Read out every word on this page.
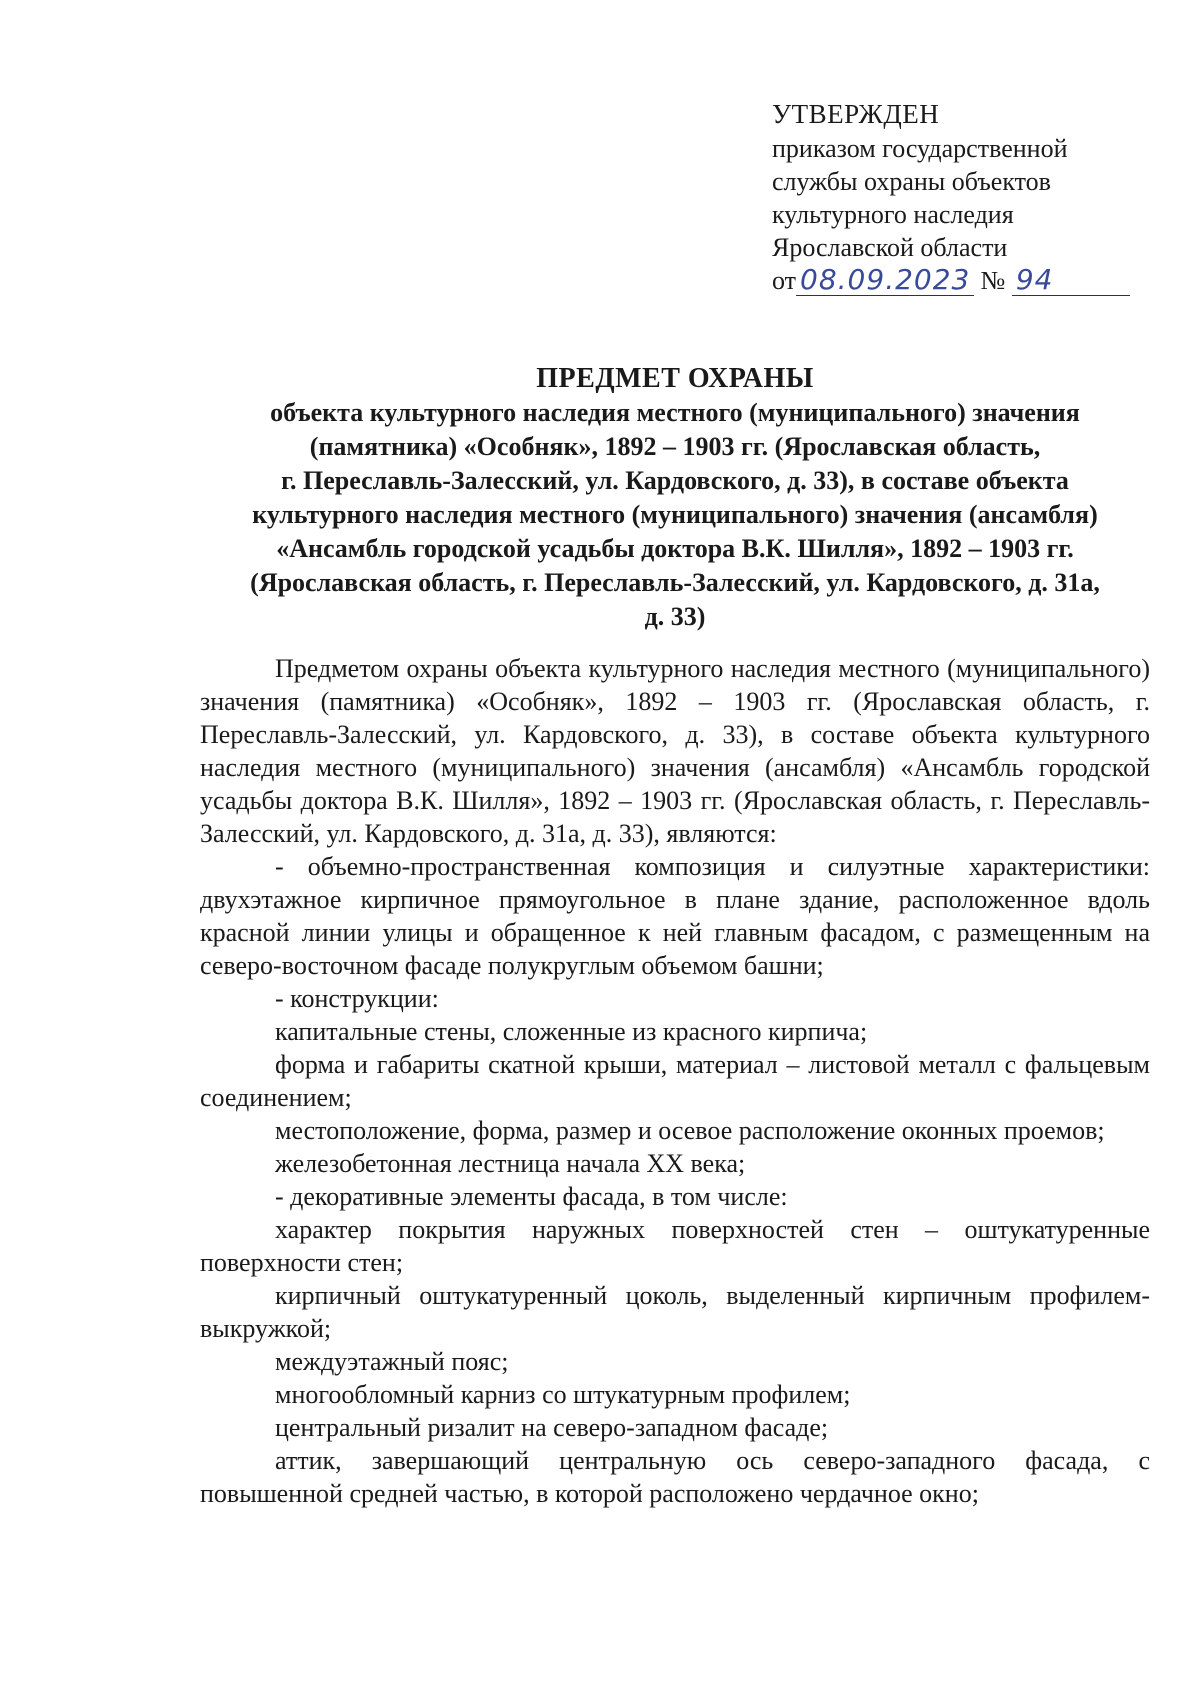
УТВЕРЖДЕН
приказом государственной
службы охраны объектов
культурного наследия
Ярославской области
от 08.09.2023 № 94
ПРЕДМЕТ ОХРАНЫ
объекта культурного наследия местного (муниципального) значения
(памятника) «Особняк», 1892 – 1903 гг. (Ярославская область,
г. Переславль-Залесский, ул. Кардовского, д. 33), в составе объекта
культурного наследия местного (муниципального) значения (ансамбля)
«Ансамбль городской усадьбы доктора В.К. Шилля», 1892 – 1903 гг.
(Ярославская область, г. Переславль-Залесский, ул. Кардовского, д. 31а,
д. 33)

Предметом охраны объекта культурного наследия местного (муниципального) значения (памятника) «Особняк», 1892 – 1903 гг. (Ярославская область, г. Переславль-Залесский, ул. Кардовского, д. 33), в составе объекта культурного наследия местного (муниципального) значения (ансамбля) «Ансамбль городской усадьбы доктора В.К. Шилля», 1892 – 1903 гг. (Ярославская область, г. Переславль-Залесский, ул. Кардовского, д. 31а, д. 33), являются:

- объемно-пространственная композиция и силуэтные характеристики: двухэтажное кирпичное прямоугольное в плане здание, расположенное вдоль красной линии улицы и обращенное к ней главным фасадом, с размещенным на северо-восточном фасаде полукруглым объемом башни;

- конструкции:

капитальные стены, сложенные из красного кирпича;

форма и габариты скатной крыши, материал – листовой металл с фальцевым соединением;

местоположение, форма, размер и осевое расположение оконных проемов;

железобетонная лестница начала XX века;

- декоративные элементы фасада, в том числе:

характер покрытия наружных поверхностей стен – оштукатуренные поверхности стен;

кирпичный оштукатуренный цоколь, выделенный кирпичным профилем-выкружкой;

междуэтажный пояс;

многообломный карниз со штукатурным профилем;

центральный ризалит на северо-западном фасаде;

аттик, завершающий центральную ось северо-западного фасада, с повышенной средней частью, в которой расположено чердачное окно;
